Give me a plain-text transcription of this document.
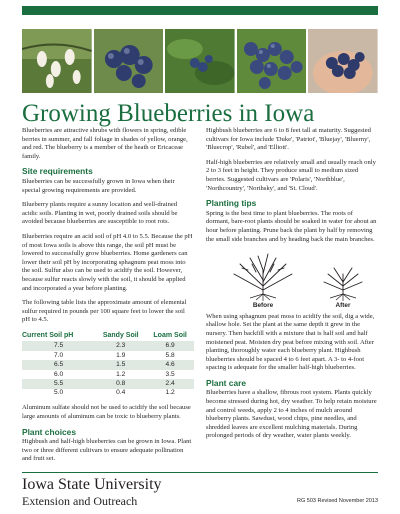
Growing Blueberries in Iowa

Blueberries are attractive shrubs with flowers in spring, edible berries in summer, and fall foliage in shades of yellow, orange, and red. The blueberry is a member of the heath or Ericaceae family.

Site requirements

Blueberries can be successfully grown in Iowa when their special growing requirements are provided.

Blueberry plants require a sunny location and well-drained acidic soils. Planting in wet, poorly drained soils should be avoided because blueberries are susceptible to root rots.

Blueberries require an acid soil of pH 4.0 to 5.5. Because the pH of most Iowa soils is above this range, the soil pH must be lowered to successfully grow blueberries. Home gardeners can lower their soil pH by incorporating sphagnum peat moss into the soil. Sulfur also can be used to acidify the soil. However, because sulfur reacts slowly with the soil, it should be applied and incorporated a year before planting.

The following table lists the approximate amount of elemental sulfur required in pounds per 100 square feet to lower the soil pH to 4.5.

Current Soil pH	Sandy Soil	Loam Soil
7.5	2.3	6.9
7.0	1.9	5.8
6.5	1.5	4.6
6.0	1.2	3.5
5.5	0.8	2.4
5.0	0.4	1.2

Aluminum sulfate should not be used to acidify the soil because large amounts of aluminum can be toxic to blueberry plants.

Plant choices

Highbush and half-high blueberries can be grown in Iowa. Plant two or three different cultivars to ensure adequate pollination and fruit set.

Highbush blueberries are 6 to 8 feet tall at maturity. Suggested cultivars for Iowa include 'Duke', 'Patriot', 'Bluejay', 'Bluerny', 'Bluecrop', 'Rubel', and 'Elliott'.

Half-high blueberries are relatively small and usually reach only 2 to 3 feet in height. They produce small to medium sized berries. Suggested cultivars are 'Polaris', 'Northblue', 'Northcountry', 'Northsky', and 'St. Cloud'.

Planting tips

Spring is the best time to plant blueberries. The roots of dormant, bare-root plants should be soaked in water for about an hour before planting. Prune back the plant by half by removing the small side branches and by heading back the main branches.

Before	After

When using sphagnum peat moss to acidify the soil, dig a wide, shallow hole. Set the plant at the same depth it grew in the nursery. Then backfill with a mixture that is half soil and half moistened peat. Moisten dry peat before mixing with soil. After planting, thoroughly water each blueberry plant. Highbush blueberries should be spaced 4 to 6 feet apart. A 3- to 4-foot spacing is adequate for the smaller half-high blueberries.

Plant care

Blueberries have a shallow, fibrous root system. Plants quickly become stressed during hot, dry weather. To help retain moisture and control weeds, apply 2 to 4 inches of mulch around blueberry plants. Sawdust, wood chips, pine needles, and shredded leaves are excellent mulching materials. During prolonged periods of dry weather, water plants weekly.

Iowa State University
Extension and Outreach	RG 503 Revised November 2013
